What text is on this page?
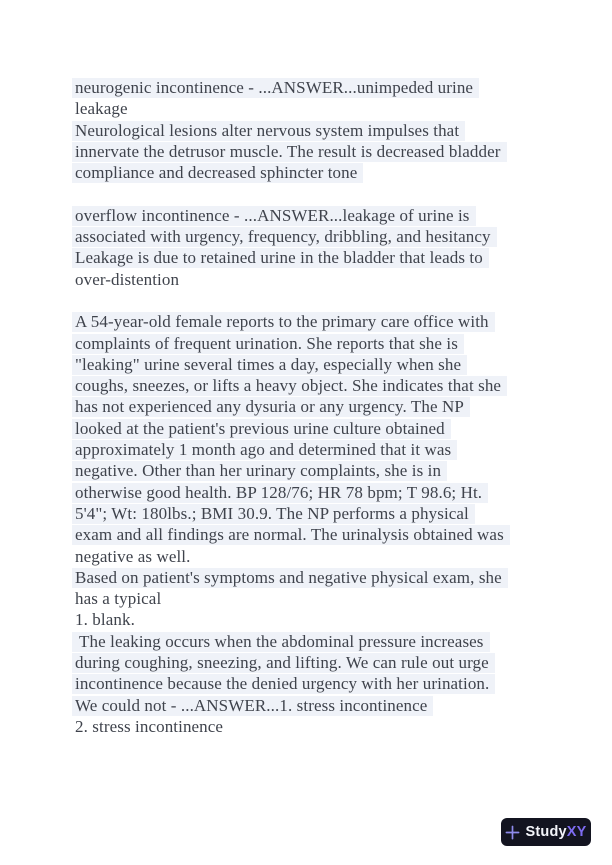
neurogenic incontinence - ...ANSWER...unimpeded urine
leakage
Neurological lesions alter nervous system impulses that
innervate the detrusor muscle. The result is decreased bladder
compliance and decreased sphincter tone
overflow incontinence - ...ANSWER...leakage of urine is
associated with urgency, frequency, dribbling, and hesitancy
Leakage is due to retained urine in the bladder that leads to
over-distention
A 54-year-old female reports to the primary care office with
complaints of frequent urination. She reports that she is
"leaking" urine several times a day, especially when she
coughs, sneezes, or lifts a heavy object. She indicates that she
has not experienced any dysuria or any urgency. The NP
looked at the patient's previous urine culture obtained
approximately 1 month ago and determined that it was
negative. Other than her urinary complaints, she is in
otherwise good health. BP 128/76; HR 78 bpm; T 98.6; Ht.
5'4"; Wt: 180lbs.; BMI 30.9. The NP performs a physical
exam and all findings are normal. The urinalysis obtained was
negative as well.
Based on patient's symptoms and negative physical exam, she
has a typical
1. blank.
The leaking occurs when the abdominal pressure increases
during coughing, sneezing, and lifting. We can rule out urge
incontinence because the denied urgency with her urination.
We could not - ...ANSWER...1. stress incontinence
2. stress incontinence
Study XY
